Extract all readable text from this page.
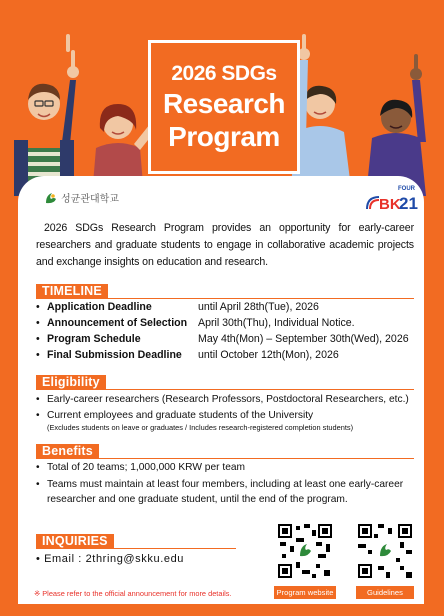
2026 SDGs
Research
Program
성균관대학교
FOUR
BK
21
2026 SDGs Research Program provides an opportunity for early-career researchers and graduate students to engage in collaborative academic projects and exchange insights on education and research.
TIMELINE
• Application Deadline	until April 28th(Tue), 2026
• Announcement of Selection April 30th(Thu), Individual Notice.
• Program Schedule	May 4th(Mon) – September 30th(Wed), 2026
• Final Submission Deadline until October 12th(Mon), 2026
Eligibility
• Early-career researchers (Research Professors, Postdoctoral Researchers, etc.)
• Current employees and graduate students of the University
(Excludes students on leave or graduates / Includes research-registered completion students)
Benefits
• Total of 20 teams; 1,000,000 KRW per team
• Teams must maintain at least four members, including at least one early-career researcher and one graduate student, until the end of the program.
INQUIRIES
• Email : 2thring@skku.edu
Program website	Guidelines
※ Please refer to the official announcement for more details.
